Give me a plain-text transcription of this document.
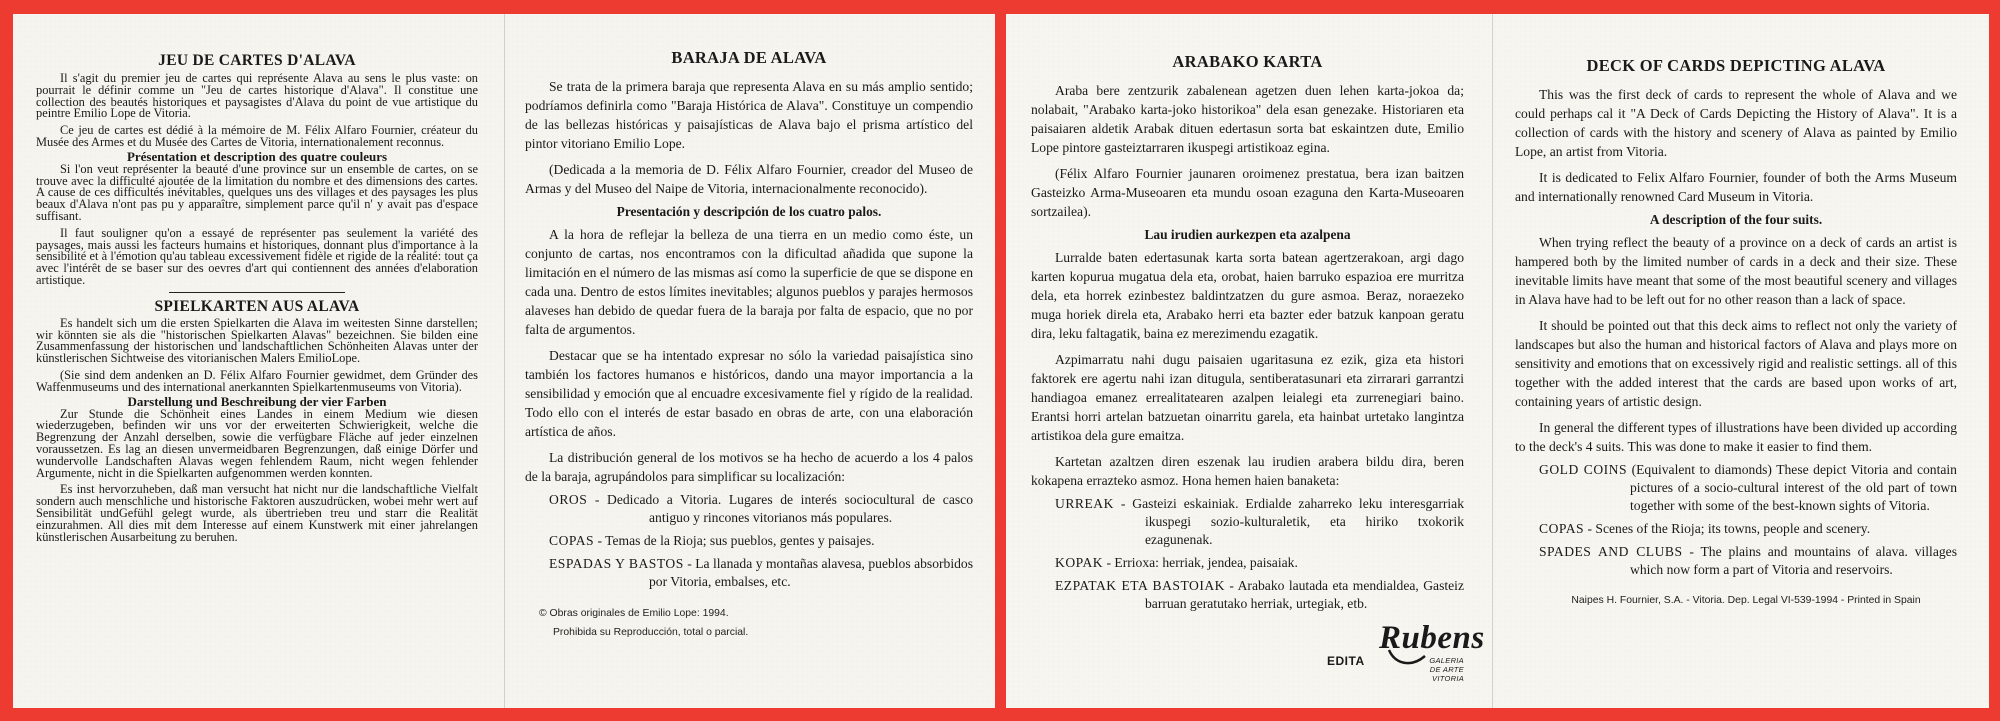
JEU DE CARTES D'ALAVA

Il s'agit du premier jeu de cartes qui représente Alava au sens le plus vaste: on pourrait le définir comme un "Jeu de cartes historique d'Alava". Il constitue une collection des beautés historiques et paysagistes d'Alava du point de vue artistique du peintre Emilio Lope de Vitoria.

Ce jeu de cartes est dédié à la mémoire de M. Félix Alfaro Fournier, créateur du Musée des Armes et du Musée des Cartes de Vitoria, internationalement reconnus.

Présentation et description des quatre couleurs

Si l'on veut représenter la beauté d'une province sur un ensemble de cartes, on se trouve avec la difficulté ajoutée de la limitation du nombre et des dimensions des cartes. A cause de ces difficultés inévitables, quelques uns des villages et des paysages les plus beaux d'Alava n'ont pas pu y apparaître, simplement parce qu'il n' y avait pas d'espace suffisant.

Il faut souligner qu'on a essayé de représenter pas seulement la variété des paysages, mais aussi les facteurs humains et historiques, donnant plus d'importance à la sensibilité et à l'émotion qu'au tableau excessivement fidèle et rigide de la réalité: tout ça avec l'intérêt de se baser sur des oevres d'art qui contiennent des années d'elaboration artistique.

SPIELKARTEN AUS ALAVA

Es handelt sich um die ersten Spielkarten die Alava im weitesten Sinne darstellen; wir könnten sie als die "historischen Spielkarten Alavas" bezeichnen. Sie bilden eine Zusammenfassung der historischen und landschaftlichen Schönheiten Alavas unter der künstlerischen Sichtweise des vitorianischen Malers EmilioLope.

(Sie sind dem andenken an D. Félix Alfaro Fournier gewidmet, dem Gründer des Waffenmuseums und des international anerkannten Spielkartenmuseums von Vitoria).

Darstellung und Beschreibung der vier Farben

Zur Stunde die Schönheit eines Landes in einem Medium wie diesen wiederzugeben, befinden wir uns vor der erweiterten Schwierigkeit, welche die Begrenzung der Anzahl derselben, sowie die verfügbare Fläche auf jeder einzelnen voraussetzen. Es lag an diesen unvermeidbaren Begrenzungen, daß einige Dörfer und wundervolle Landschaften Alavas wegen fehlendem Raum, nicht wegen fehlender Argumente, nicht in die Spielkarten aufgenommen werden konnten.

Es inst hervorzuheben, daß man versucht hat nicht nur die landschaftliche Vielfalt sondern auch menschliche und historische Faktoren auszudrücken, wobei mehr wert auf Sensibilität undGefühl gelegt wurde, als übertrieben treu und starr die Realität einzurahmen. All dies mit dem Interesse auf einem Kunstwerk mit einer jahrelangen künstlerischen Ausarbeitung zu beruhen.

BARAJA DE ALAVA

Se trata de la primera baraja que representa Alava en su más amplio sentido; podríamos definirla como "Baraja Histórica de Alava". Constituye un compendio de las bellezas históricas y paisajísticas de Alava bajo el prisma artístico del pintor vitoriano Emilio Lope.

(Dedicada a la memoria de D. Félix Alfaro Fournier, creador del Museo de Armas y del Museo del Naipe de Vitoria, internacionalmente reconocido).

Presentación y descripción de los cuatro palos.

A la hora de reflejar la belleza de una tierra en un medio como éste, un conjunto de cartas, nos encontramos con la dificultad añadida que supone la limitación en el número de las mismas así como la superficie de que se dispone en cada una. Dentro de estos límites inevitables; algunos pueblos y parajes hermosos alaveses han debido de quedar fuera de la baraja por falta de espacio, que no por falta de argumentos.

Destacar que se ha intentado expresar no sólo la variedad paisajística sino también los factores humanos e históricos, dando una mayor importancia a la sensibilidad y emoción que al encuadre excesivamente fiel y rígido de la realidad. Todo ello con el interés de estar basado en obras de arte, con una elaboración artística de años.

La distribución general de los motivos se ha hecho de acuerdo a los 4 palos de la baraja, agrupándolos para simplificar su localización:

OROS - Dedicado a Vitoria. Lugares de interés sociocultural de casco antiguo y rincones vitorianos más populares.
COPAS - Temas de la Rioja; sus pueblos, gentes y paisajes.
ESPADAS Y BASTOS - La llanada y montañas alavesa, pueblos absorbidos por Vitoria, embalses, etc.
© Obras originales de Emilio Lope: 1994.
Prohibida su Reproducción, total o parcial.
ARABAKO KARTA

Araba bere zentzurik zabalenean agetzen duen lehen karta-jokoa da; nolabait, "Arabako karta-joko historikoa" dela esan genezake. Historiaren eta paisaiaren aldetik Arabak dituen edertasun sorta bat eskaintzen dute, Emilio Lope pintore gasteiztarraren ikuspegi artistikoaz egina.

(Félix Alfaro Fournier jaunaren oroimenez prestatua, bera izan baitzen Gasteizko Arma-Museoaren eta mundu osoan ezaguna den Karta-Museoaren sortzailea).

Lau irudien aurkezpen eta azalpena

Lurralde baten edertasunak karta sorta batean agertzerakoan, argi dago karten kopurua mugatua dela eta, orobat, haien barruko espazioa ere murritza dela, eta horrek ezinbestez baldintzatzen du gure asmoa. Beraz, noraezeko muga horiek direla eta, Arabako herri eta bazter eder batzuk kanpoan geratu dira, leku faltagatik, baina ez merezimendu ezagatik.

Azpimarratu nahi dugu paisaien ugaritasuna ez ezik, giza eta histori faktorek ere agertu nahi izan ditugula, sentiberatasunari eta zirrarari garrantzi handiagoa emanez errealitatearen azalpen leialegi eta zurrenegiari baino. Erantsi horri artelan batzuetan oinarritu garela, eta hainbat urtetako langintza artistikoa dela gure emaitza.

Kartetan azaltzen diren eszenak lau irudien arabera bildu dira, beren kokapena errazteko asmoz. Hona hemen haien banaketa:

URREAK - Gasteizi eskainiak. Erdialde zaharreko leku interesgarriak ikuspegi sozio-kulturaletik, eta hiriko txokorik ezagunenak.
KOPAK - Errioxa: herriak, jendea, paisaiak.
EZPATAK ETA BASTOIAK - Arabako lautada eta mendialdea, Gasteiz barruan geratutako herriak, urtegiak, etb.
EDITA
Rubens
GALERIA DE ARTE
VITORIA
DECK OF CARDS DEPICTING ALAVA

This was the first deck of cards to represent the whole of Alava and we could perhaps cal it "A Deck of Cards Depicting the History of Alava". It is a collection of cards with the history and scenery of Alava as painted by Emilio Lope, an artist from Vitoria.

It is dedicated to Felix Alfaro Fournier, founder of both the Arms Museum and internationally renowned Card Museum in Vitoria.

A description of the four suits.

When trying reflect the beauty of a province on a deck of cards an artist is hampered both by the limited number of cards in a deck and their size. These inevitable limits have meant that some of the most beautiful scenery and villages in Alava have had to be left out for no other reason than a lack of space.

It should be pointed out that this deck aims to reflect not only the variety of landscapes but also the human and historical factors of Alava and plays more on sensitivity and emotions that on excessively rigid and realistic settings. all of this together with the added interest that the cards are based upon works of art, containing years of artistic design.

In general the different types of illustrations have been divided up according to the deck's 4 suits. This was done to make it easier to find them.

GOLD COINS (Equivalent to diamonds) These depict Vitoria and contain pictures of a socio-cultural interest of the old part of town together with some of the best-known sights of Vitoria.
COPAS - Scenes of the Rioja; its towns, people and scenery.
SPADES AND CLUBS - The plains and mountains of alava. villages which now form a part of Vitoria and reservoirs.
Naipes H. Fournier, S.A. - Vitoria. Dep. Legal VI-539-1994 - Printed in Spain
